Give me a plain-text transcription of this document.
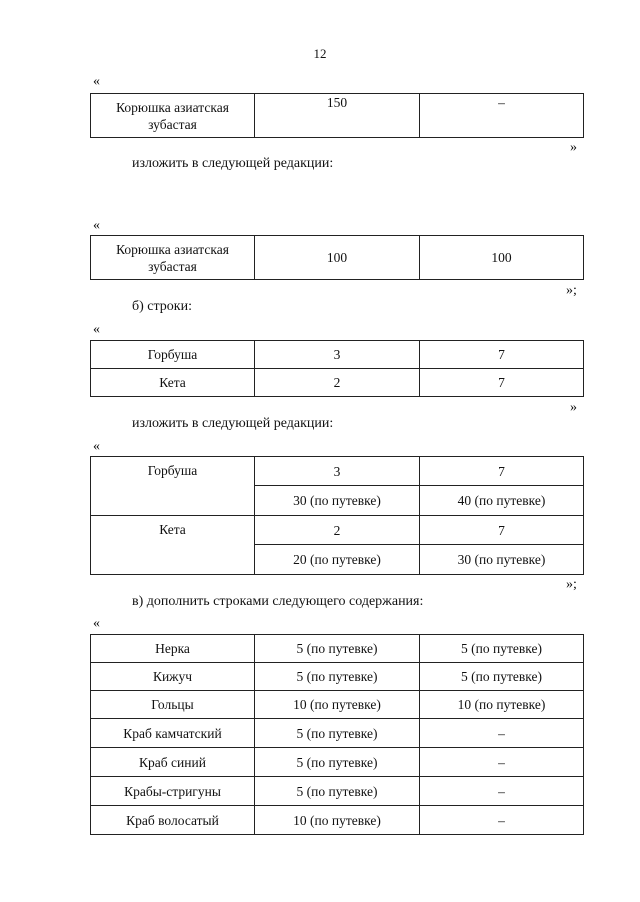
12
«
Корюшка азиатская зубастая	150	–
»
изложить в следующей редакции:
«
Корюшка азиатская зубастая	100	100
»;
б) строки:
«
Горбуша	3	7
Кета	2	7
»
изложить в следующей редакции:
«
Горбуша	3	7
	30 (по путевке)	40 (по путевке)
Кета	2	7
	20 (по путевке)	30 (по путевке)
»;
в) дополнить строками следующего содержания:
«
Нерка	5 (по путевке)	5 (по путевке)
Кижуч	5 (по путевке)	5 (по путевке)
Гольцы	10 (по путевке)	10 (по путевке)
Краб камчатский	5 (по путевке)	–
Краб синий	5 (по путевке)	–
Крабы-стригуны	5 (по путевке)	–
Краб волосатый	10 (по путевке)	–
